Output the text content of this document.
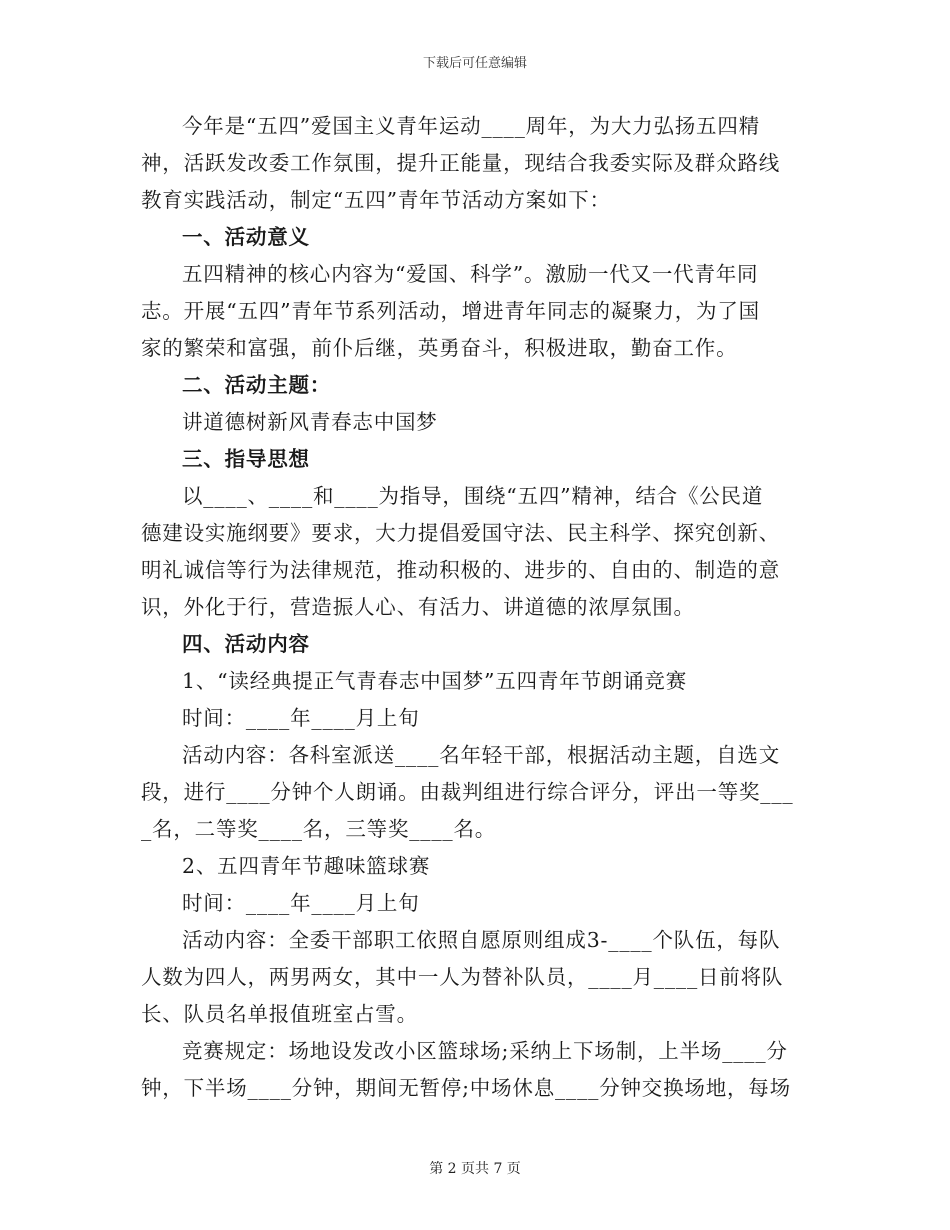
下载后可任意编辑

今年是“五四”爱国主义青年运动____周年，为大力弘扬五四精

神，活跃发改委工作氛围，提升正能量，现结合我委实际及群众路线

教育实践活动，制定“五四”青年节活动方案如下：

一、活动意义

五四精神的核心内容为“爱国、科学”。激励一代又一代青年同

志。开展“五四”青年节系列活动，增进青年同志的凝聚力，为了国

家的繁荣和富强，前仆后继，英勇奋斗，积极进取，勤奋工作。

二、活动主题：

讲道德树新风青春志中国梦

三、指导思想

以____、____和____为指导，围绕“五四”精神，结合《公民道

德建设实施纲要》要求，大力提倡爱国守法、民主科学、探究创新、

明礼诚信等行为法律规范，推动积极的、进步的、自由的、制造的意

识，外化于行，营造振人心、有活力、讲道德的浓厚氛围。

四、活动内容

1、“读经典提正气青春志中国梦”五四青年节朗诵竞赛

时间：____年____月上旬

活动内容：各科室派送____名年轻干部，根据活动主题，自选文

段，进行____分钟个人朗诵。由裁判组进行综合评分，评出一等奖___

_名，二等奖____名，三等奖____名。

2、五四青年节趣味篮球赛

时间：____年____月上旬

活动内容：全委干部职工依照自愿原则组成3-____个队伍，每队

人数为四人，两男两女，其中一人为替补队员，____月____日前将队

长、队员名单报值班室占雪。

竞赛规定：场地设发改小区篮球场;采纳上下场制，上半场____分

钟，下半场____分钟，期间无暂停;中场休息____分钟交换场地，每场

第 2 页共 7 页
